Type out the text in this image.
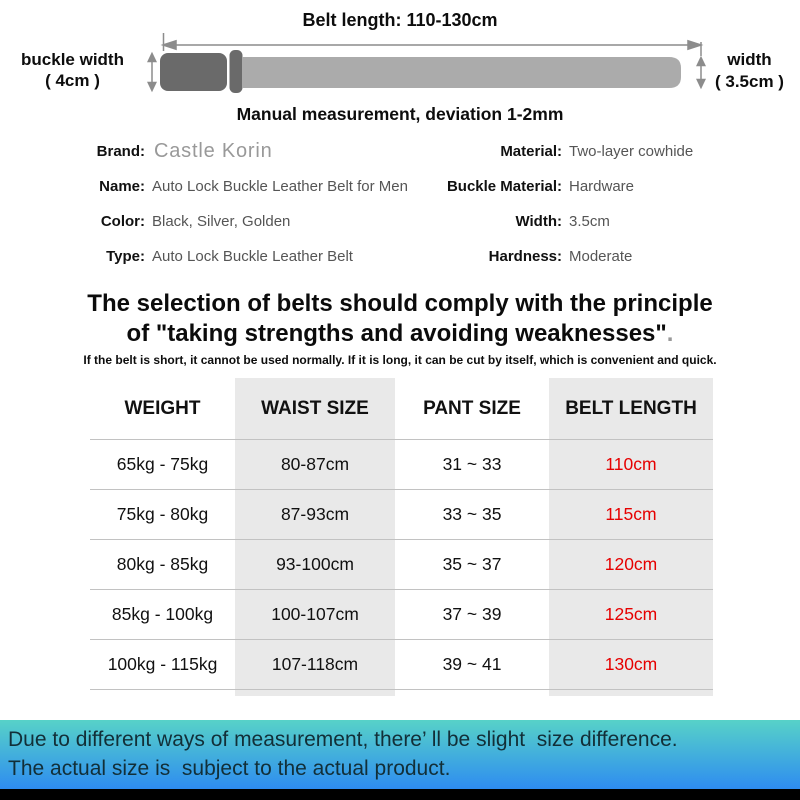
Belt length: 110-130cm
buckle width
( 4cm )
width
( 3.5cm )
Manual measurement, deviation 1-2mm
Brand: Castle Korin
Name: Auto Lock Buckle Leather Belt for Men
Color: Black, Silver, Golden
Type: Auto Lock Buckle Leather Belt
Material: Two-layer cowhide
Buckle Material: Hardware
Width: 3.5cm
Hardness: Moderate
The selection of belts should comply with the principle
of "taking strengths and avoiding weaknesses".
If the belt is short, it cannot be used normally. If it is long, it can be cut by itself, which is convenient and quick.
WEIGHT	WAIST SIZE	PANT SIZE	BELT LENGTH
65kg - 75kg	80-87cm	31 ~ 33	110cm
75kg - 80kg	87-93cm	33 ~ 35	115cm
80kg - 85kg	93-100cm	35 ~ 37	120cm
85kg - 100kg	100-107cm	37 ~ 39	125cm
100kg - 115kg	107-118cm	39 ~ 41	130cm
Due to different ways of measurement, there’ ll be slight  size difference.
The actual size is  subject to the actual product.
